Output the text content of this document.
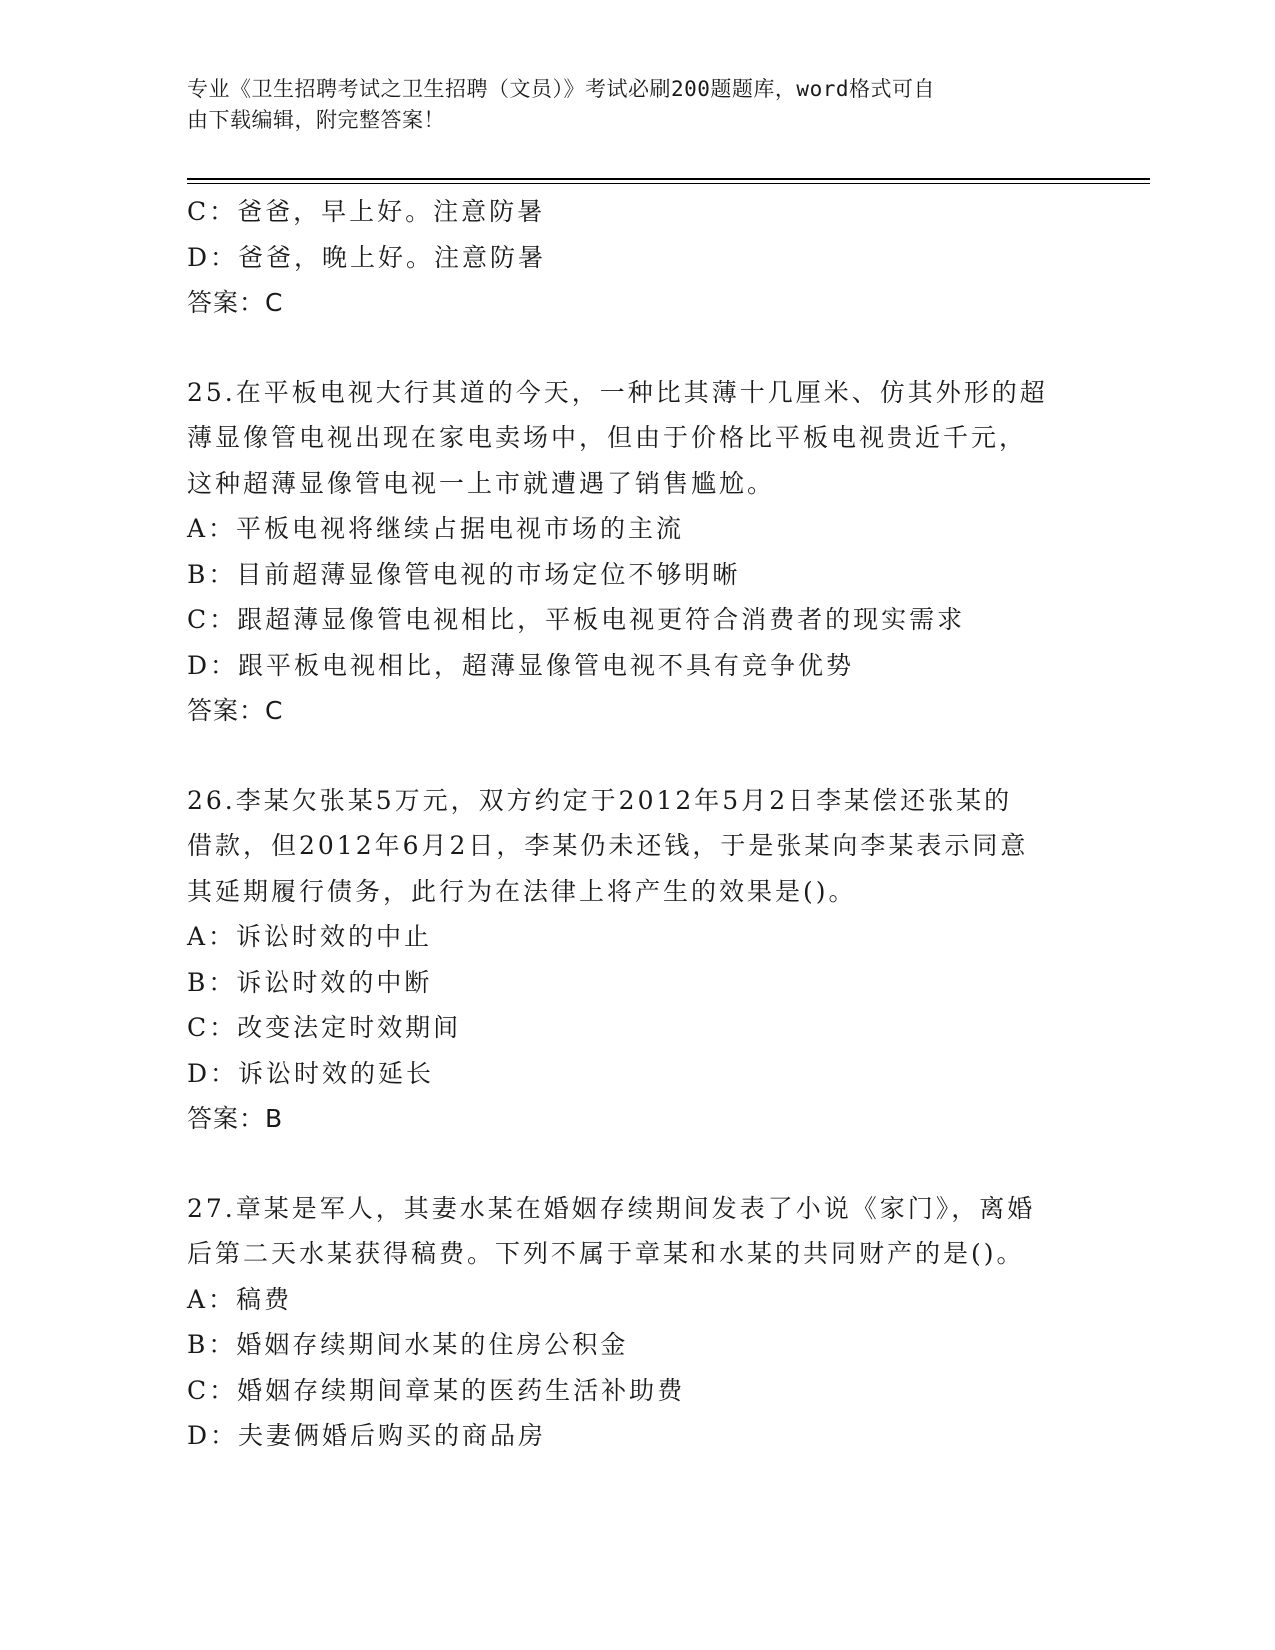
专业《卫生招聘考试之卫生招聘（文员）》考试必刷200题题库，word格式可自
由下载编辑，附完整答案！
C：爸爸，早上好。注意防暑
D：爸爸，晚上好。注意防暑
答案：C
25.在平板电视大行其道的今天，一种比其薄十几厘米、仿其外形的超
薄显像管电视出现在家电卖场中，但由于价格比平板电视贵近千元，
这种超薄显像管电视一上市就遭遇了销售尴尬。
A：平板电视将继续占据电视市场的主流
B：目前超薄显像管电视的市场定位不够明晰
C：跟超薄显像管电视相比，平板电视更符合消费者的现实需求
D：跟平板电视相比，超薄显像管电视不具有竞争优势
答案：C
26.李某欠张某5万元，双方约定于2012年5月2日李某偿还张某的
借款，但2012年6月2日，李某仍未还钱，于是张某向李某表示同意
其延期履行债务，此行为在法律上将产生的效果是()。
A：诉讼时效的中止
B：诉讼时效的中断
C：改变法定时效期间
D：诉讼时效的延长
答案：B
27.章某是军人，其妻水某在婚姻存续期间发表了小说《家门》，离婚
后第二天水某获得稿费。下列不属于章某和水某的共同财产的是()。
A：稿费
B：婚姻存续期间水某的住房公积金
C：婚姻存续期间章某的医药生活补助费
D：夫妻俩婚后购买的商品房
